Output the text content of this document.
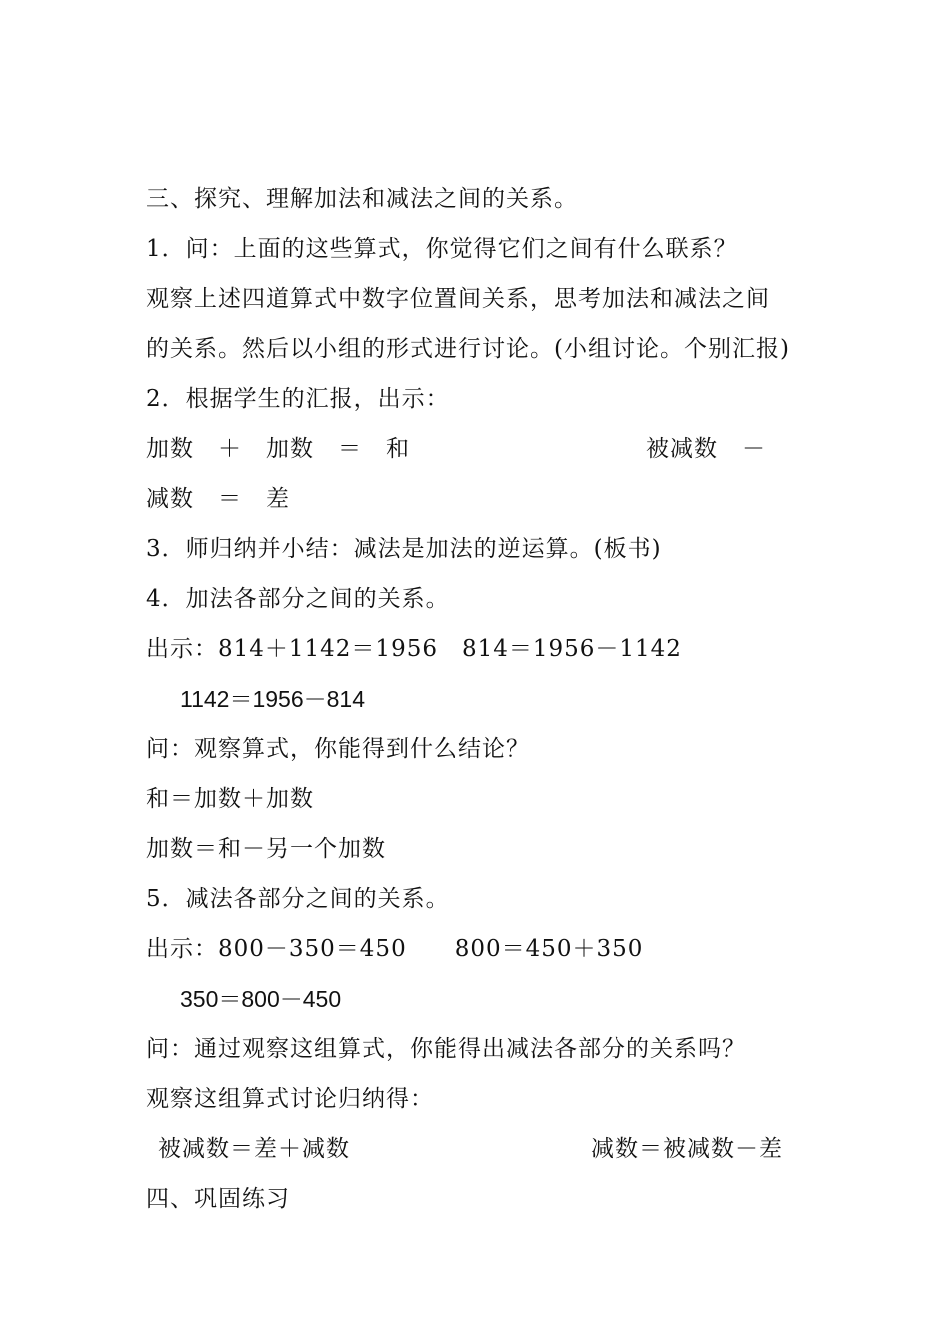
三、探究、理解加法和减法之间的关系。
1．问：上面的这些算式，你觉得它们之间有什么联系？
观察上述四道算式中数字位置间关系，思考加法和减法之间
的关系。然后以小组的形式进行讨论。(小组讨论。个别汇报)
2．根据学生的汇报，出示：
加数　＋　加数　＝　和	被减数　－
减数　＝　差
3．师归纳并小结：减法是加法的逆运算。(板书)
4．加法各部分之间的关系。
出示：814＋1142＝1956　814＝1956－1142
1142＝1956－814
问：观察算式，你能得到什么结论？
和＝加数＋加数
加数＝和－另一个加数
5．减法各部分之间的关系。
出示：800－350＝450　　800＝450＋350
350＝800－450
问：通过观察这组算式，你能得出减法各部分的关系吗？
观察这组算式讨论归纳得：
被减数＝差＋减数	减数＝被减数－差
四、巩固练习
